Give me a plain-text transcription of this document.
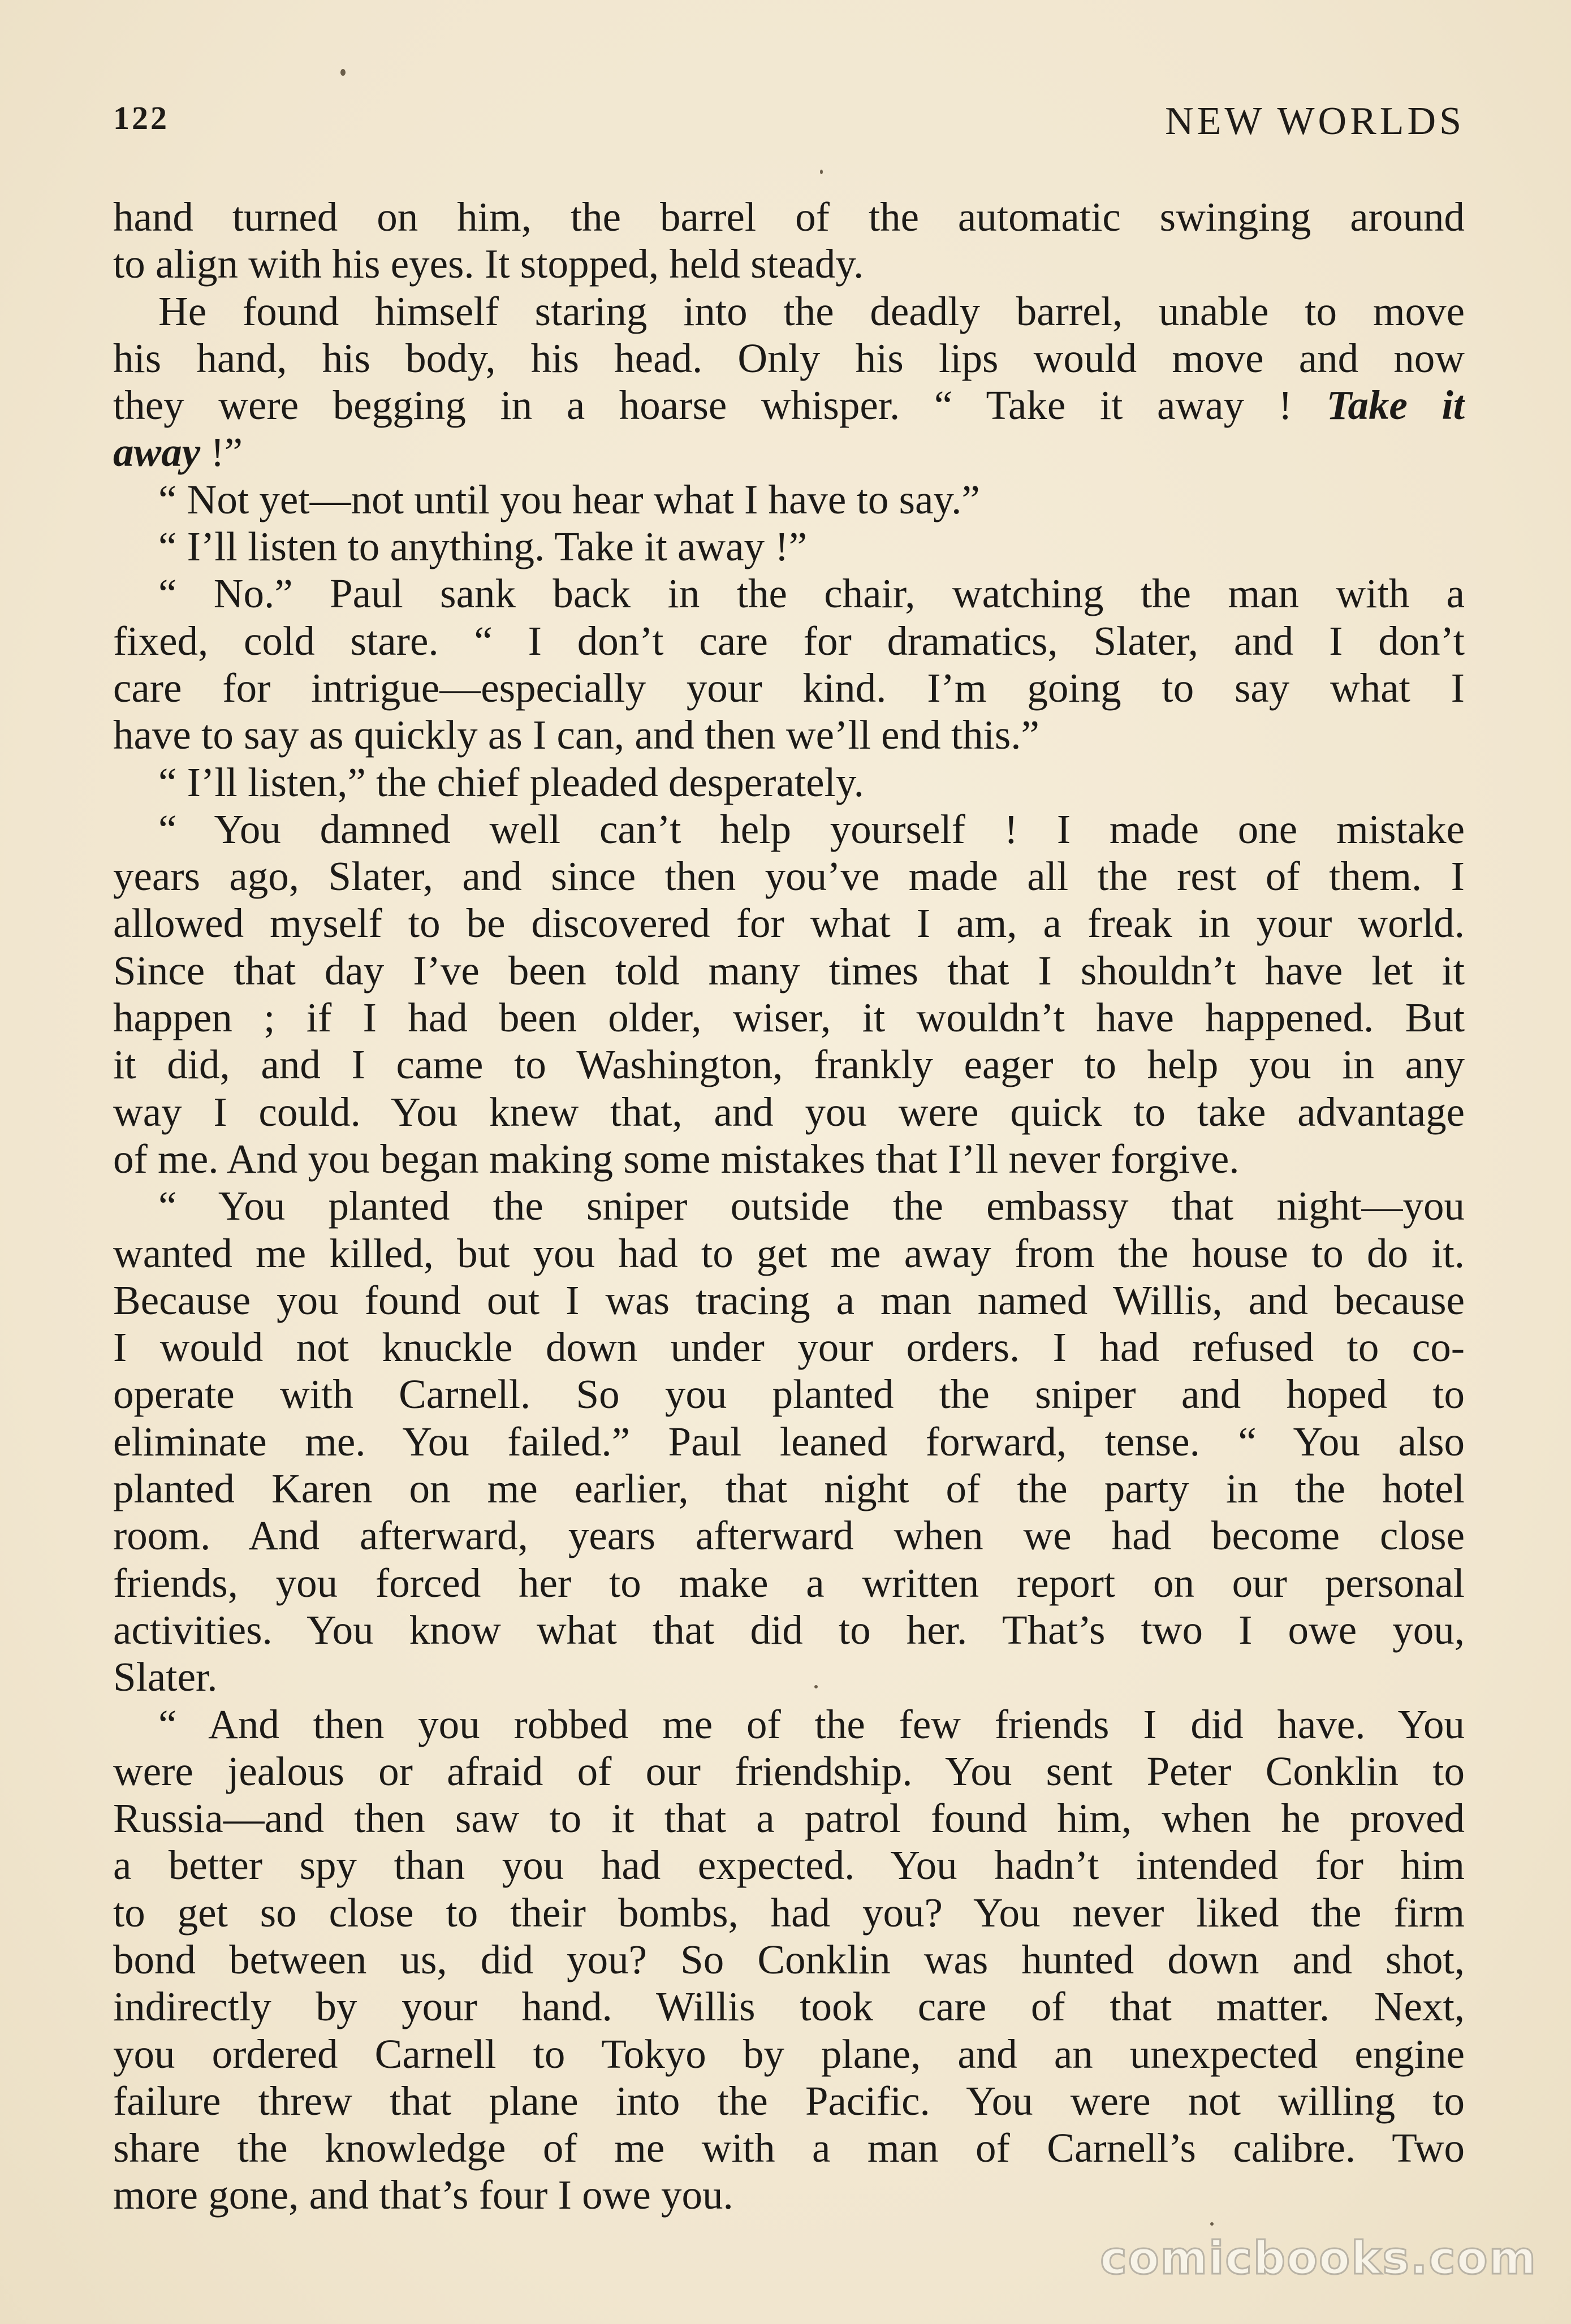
122	NEW WORLDS
hand turned on him, the barrel of the automatic swinging around
to align with his eyes. It stopped, held steady.
He found himself staring into the deadly barrel, unable to move
his hand, his body, his head. Only his lips would move and now
they were begging in a hoarse whisper. “ Take it away ! Take it
away !”
“ Not yet—not until you hear what I have to say.”
“ I’ll listen to anything. Take it away !”
“ No.” Paul sank back in the chair, watching the man with a
fixed, cold stare. “ I don’t care for dramatics, Slater, and I don’t
care for intrigue—especially your kind. I’m going to say what I
have to say as quickly as I can, and then we’ll end this.”
“ I’ll listen,” the chief pleaded desperately.
“ You damned well can’t help yourself ! I made one mistake
years ago, Slater, and since then you’ve made all the rest of them. I
allowed myself to be discovered for what I am, a freak in your world.
Since that day I’ve been told many times that I shouldn’t have let it
happen ; if I had been older, wiser, it wouldn’t have happened. But
it did, and I came to Washington, frankly eager to help you in any
way I could. You knew that, and you were quick to take advantage
of me. And you began making some mistakes that I’ll never forgive.
“ You planted the sniper outside the embassy that night—you
wanted me killed, but you had to get me away from the house to do it.
Because you found out I was tracing a man named Willis, and because
I would not knuckle down under your orders. I had refused to co-
operate with Carnell. So you planted the sniper and hoped to
eliminate me. You failed.” Paul leaned forward, tense. “ You also
planted Karen on me earlier, that night of the party in the hotel
room. And afterward, years afterward when we had become close
friends, you forced her to make a written report on our personal
activities. You know what that did to her. That’s two I owe you,
Slater.
“ And then you robbed me of the few friends I did have. You
were jealous or afraid of our friendship. You sent Peter Conklin to
Russia—and then saw to it that a patrol found him, when he proved
a better spy than you had expected. You hadn’t intended for him
to get so close to their bombs, had you? You never liked the firm
bond between us, did you? So Conklin was hunted down and shot,
indirectly by your hand. Willis took care of that matter. Next,
you ordered Carnell to Tokyo by plane, and an unexpected engine
failure threw that plane into the Pacific. You were not willing to
share the knowledge of me with a man of Carnell’s calibre. Two
more gone, and that’s four I owe you.
comicbooks.com
